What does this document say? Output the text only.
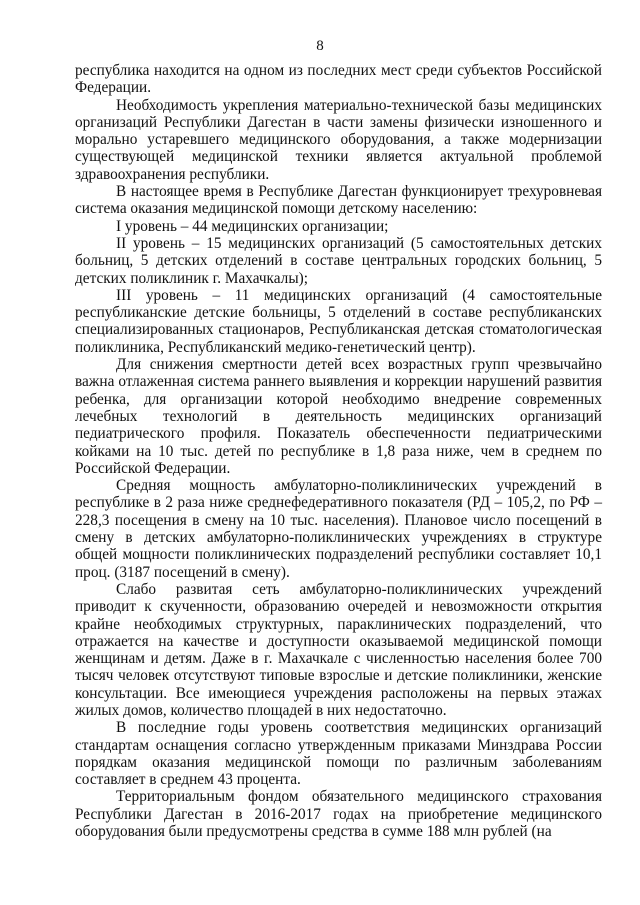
8

республика находится на одном из последних мест среди субъектов Российской Федерации.

Необходимость укрепления материально-технической базы медицинских организаций Республики Дагестан в части замены физически изношенного и морально устаревшего медицинского оборудования, а также модернизации существующей медицинской техники является актуальной проблемой здравоохранения республики.

В настоящее время в Республике Дагестан функционирует трехуровневая система оказания медицинской помощи детскому населению:

I уровень – 44 медицинских организации;

II уровень – 15 медицинских организаций (5 самостоятельных детских больниц, 5 детских отделений в составе центральных городских больниц, 5 детских поликлиник г. Махачкалы);

III уровень – 11 медицинских организаций (4 самостоятельные республиканские детские больницы, 5 отделений в составе республиканских специализированных стационаров, Республиканская детская стоматологическая поликлиника, Республиканский медико-генетический центр).

Для снижения смертности детей всех возрастных групп чрезвычайно важна отлаженная система раннего выявления и коррекции нарушений развития ребенка, для организации которой необходимо внедрение современных лечебных технологий в деятельность медицинских организаций педиатрического профиля. Показатель обеспеченности педиатрическими койками на 10 тыс. детей по республике в 1,8 раза ниже, чем в среднем по Российской Федерации.

Средняя мощность амбулаторно-поликлинических учреждений в республике в 2 раза ниже среднефедеративного показателя (РД – 105,2, по РФ – 228,3 посещения в смену на 10 тыс. населения). Плановое число посещений в смену в детских амбулаторно-поликлинических учреждениях в структуре общей мощности поликлинических подразделений республики составляет 10,1 проц. (3187 посещений в смену).

Слабо развитая сеть амбулаторно-поликлинических учреждений приводит к скученности, образованию очередей и невозможности открытия крайне необходимых структурных, параклинических подразделений, что отражается на качестве и доступности оказываемой медицинской помощи женщинам и детям. Даже в г. Махачкале с численностью населения более 700 тысяч человек отсутствуют типовые взрослые и детские поликлиники, женские консультации. Все имеющиеся учреждения расположены на первых этажах жилых домов, количество площадей в них недостаточно.

В последние годы уровень соответствия медицинских организаций стандартам оснащения согласно утвержденным приказами Минздрава России порядкам оказания медицинской помощи по различным заболеваниям составляет в среднем 43 процента.

Территориальным фондом обязательного медицинского страхования Республики Дагестан в 2016-2017 годах на приобретение медицинского оборудования были предусмотрены средства в сумме 188 млн рублей (на
